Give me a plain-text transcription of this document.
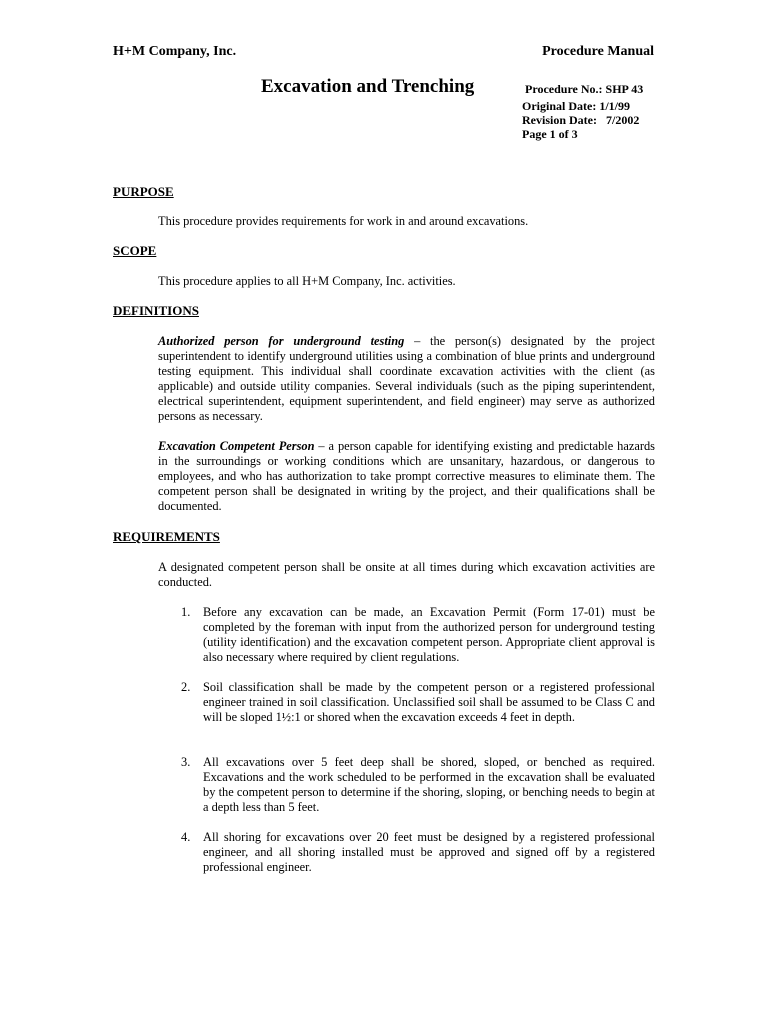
H+M Company, Inc.	Procedure Manual
Excavation and Trenching	Procedure No.: SHP 43
Original Date: 1/1/99
Revision Date:   7/2002
Page 1 of 3
PURPOSE

This procedure provides requirements for work in and around excavations.

SCOPE

This procedure applies to all H+M Company, Inc. activities.

DEFINITIONS

Authorized person for underground testing – the person(s) designated by the project superintendent to identify underground utilities using a combination of blue prints and underground testing equipment. This individual shall coordinate excavation activities with the client (as applicable) and outside utility companies. Several individuals (such as the piping superintendent, electrical superintendent, equipment superintendent, and field engineer) may serve as authorized persons as necessary.

Excavation Competent Person – a person capable for identifying existing and predictable hazards in the surroundings or working conditions which are unsanitary, hazardous, or dangerous to employees, and who has authorization to take prompt corrective measures to eliminate them. The competent person shall be designated in writing by the project, and their qualifications shall be documented.

REQUIREMENTS

A designated competent person shall be onsite at all times during which excavation activities are conducted.

1. Before any excavation can be made, an Excavation Permit (Form 17-01) must be completed by the foreman with input from the authorized person for underground testing (utility identification) and the excavation competent person. Appropriate client approval is also necessary where required by client regulations.

2. Soil classification shall be made by the competent person or a registered professional engineer trained in soil classification. Unclassified soil shall be assumed to be Class C and will be sloped 1½:1 or shored when the excavation exceeds 4 feet in depth.

3. All excavations over 5 feet deep shall be shored, sloped, or benched as required. Excavations and the work scheduled to be performed in the excavation shall be evaluated by the competent person to determine if the shoring, sloping, or benching needs to begin at a depth less than 5 feet.

4. All shoring for excavations over 20 feet must be designed by a registered professional engineer, and all shoring installed must be approved and signed off by a registered professional engineer.
